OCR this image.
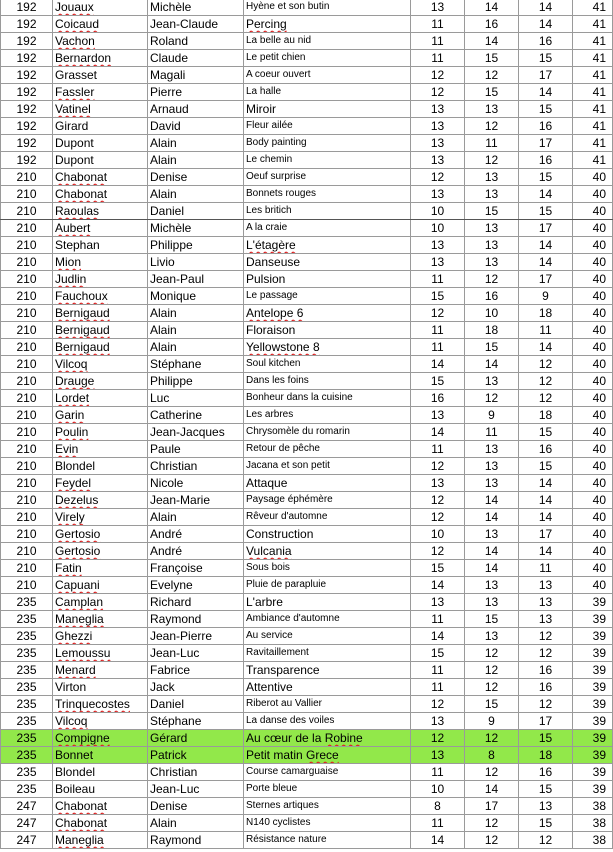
192	Jouaux	Michèle	Hyène et son butin	13	14	14	41
192	Coicaud	Jean-Claude	Percing	11	16	14	41
192	Vachon	Roland	La belle au nid	11	14	16	41
192	Bernardon	Claude	Le petit chien	11	15	15	41
192	Grasset	Magali	A coeur ouvert	12	12	17	41
192	Fassler	Pierre	La halle	12	15	14	41
192	Vatinel	Arnaud	Miroir	13	13	15	41
192	Girard	David	Fleur ailée	13	12	16	41
192	Dupont	Alain	Body painting	13	11	17	41
192	Dupont	Alain	Le chemin	13	12	16	41
210	Chabonat	Denise	Oeuf surprise	12	13	15	40
210	Chabonat	Alain	Bonnets rouges	13	13	14	40
210	Raoulas	Daniel	Les britich	10	15	15	40
210	Aubert	Michèle	A la craie	10	13	17	40
210	Stephan	Philippe	L'étagère	13	13	14	40
210	Mion	Livio	Danseuse	13	13	14	40
210	Judlin	Jean-Paul	Pulsion	11	12	17	40
210	Fauchoux	Monique	Le passage	15	16	9	40
210	Bernigaud	Alain	Antelope 6	12	10	18	40
210	Bernigaud	Alain	Floraison	11	18	11	40
210	Bernigaud	Alain	Yellowstone 8	11	15	14	40
210	Vilcoq	Stéphane	Soul kitchen	14	14	12	40
210	Drauge	Philippe	Dans les foins	15	13	12	40
210	Lordet	Luc	Bonheur dans la cuisine	16	12	12	40
210	Garin	Catherine	Les arbres	13	9	18	40
210	Poulin	Jean-Jacques	Chrysomèle du romarin	14	11	15	40
210	Evin	Paule	Retour de pêche	11	13	16	40
210	Blondel	Christian	Jacana et son petit	12	13	15	40
210	Feydel	Nicole	Attaque	13	13	14	40
210	Dezelus	Jean-Marie	Paysage éphémère	12	14	14	40
210	Virely	Alain	Rêveur d'automne	12	14	14	40
210	Gertosio	André	Construction	10	13	17	40
210	Gertosio	André	Vulcania	12	14	14	40
210	Fatin	Françoise	Sous bois	15	14	11	40
210	Capuani	Evelyne	Pluie de parapluie	14	13	13	40
235	Camplan	Richard	L'arbre	13	13	13	39
235	Maneglia	Raymond	Ambiance d'automne	11	15	13	39
235	Ghezzi	Jean-Pierre	Au service	14	13	12	39
235	Lemoussu	Jean-Luc	Ravitaillement	15	12	12	39
235	Menard	Fabrice	Transparence	11	12	16	39
235	Virton	Jack	Attentive	11	12	16	39
235	Trinquecostes	Daniel	Riberot au Vallier	12	15	12	39
235	Vilcoq	Stéphane	La danse des voiles	13	9	17	39
235	Compigne	Gérard	Au cœur de la Robine	12	12	15	39
235	Bonnet	Patrick	Petit matin Grece	13	8	18	39
235	Blondel	Christian	Course camarguaise	11	12	16	39
235	Boileau	Jean-Luc	Porte bleue	10	14	15	39
247	Chabonat	Denise	Sternes artiques	8	17	13	38
247	Chabonat	Alain	N140 cyclistes	11	12	15	38
247	Maneglia	Raymond	Résistance nature	14	12	12	38
